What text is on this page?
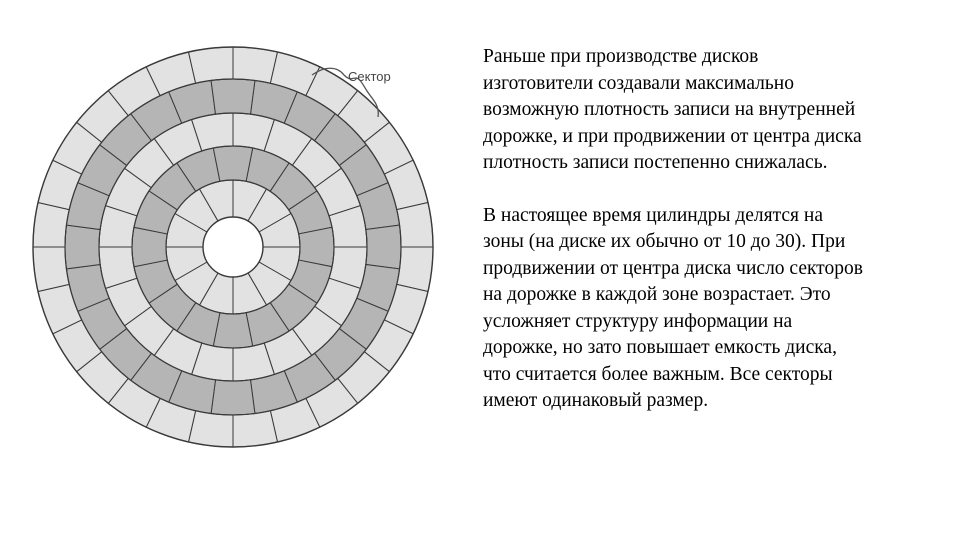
Сектор

Раньше при производстве дисков
изготовители создавали максимально
возможную плотность записи на внутренней
дорожке, и при продвижении от центра диска
плотность записи постепенно снижалась.

В настоящее время цилиндры делятся на
зоны (на диске их обычно от 10 до 30). При
продвижении от центра диска число секторов
на дорожке в каждой зоне возрастает. Это
усложняет структуру информации на
дорожке, но зато повышает емкость диска,
что считается более важным. Все секторы
имеют одинаковый размер.
